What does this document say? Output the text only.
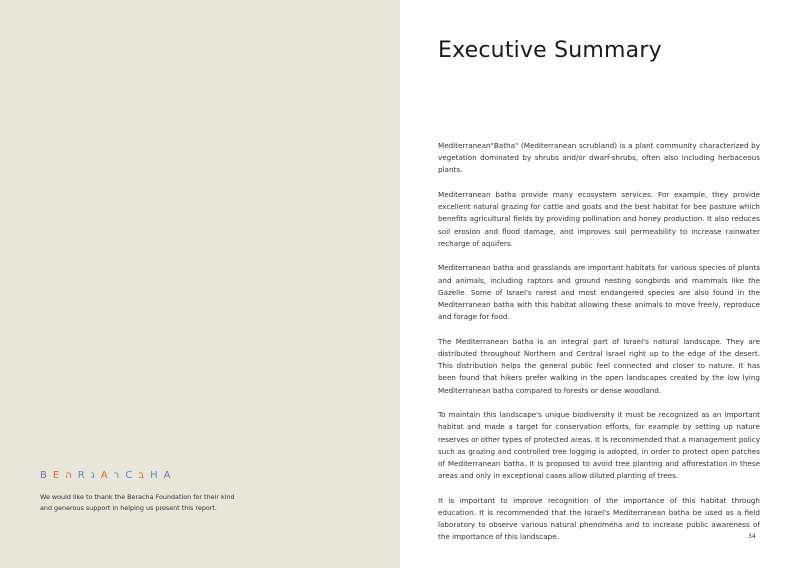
BEהRגAרCבHA
We would like to thank the Beracha Foundation for their kind and generous support in helping us present this report.
Executive Summary

Mediterranean"Batha" (Mediterranean scrubland) is a plant community characterized by vegetation dominated by shrubs and/or dwarf-shrubs, often also including herbaceous plants.

Mediterranean batha provide many ecosystem services. For example, they provide excellent natural grazing for cattle and goats and the best habitat for bee pasture which benefits agricultural fields by providing pollination and honey production. It also reduces soil erosion and flood damage, and improves soil permeability to increase rainwater recharge of aquifers.

Mediterranean batha and grasslands are important habitats for various species of plants and animals, including raptors and ground nesting songbirds and mammals like the Gazelle. Some of Israel's rarest and most endangered species are also found in the Mediterranean batha with this habitat allowing these animals to move freely, reproduce and forage for food.

The Mediterranean batha is an integral part of Israel's natural landscape. They are distributed throughout Northern and Central Israel right up to the edge of the desert. This distribution helps the general public feel connected and closer to nature. It has been found that hikers prefer walking in the open landscapes created by the low lying Mediterranean batha compared to forests or dense woodland.

To maintain this landscape's unique biodiversity it must be recognized as an important habitat and made a target for conservation efforts, for example by setting up nature reserves or other types of protected areas. It is recommended that a management policy such as grazing and controlled tree logging is adopted, in order to protect open patches of Mediterranean batha. It is proposed to avoid tree planting and afforestation in these areas and only in exceptional cases allow diluted planting of trees.

It is important to improve recognition of the importance of this habitat through education. It is recommended that the Israel's Mediterranean batha be used as a field laboratory to observe various natural phenomena and to increase public awareness of the importance of this landscape.	34
